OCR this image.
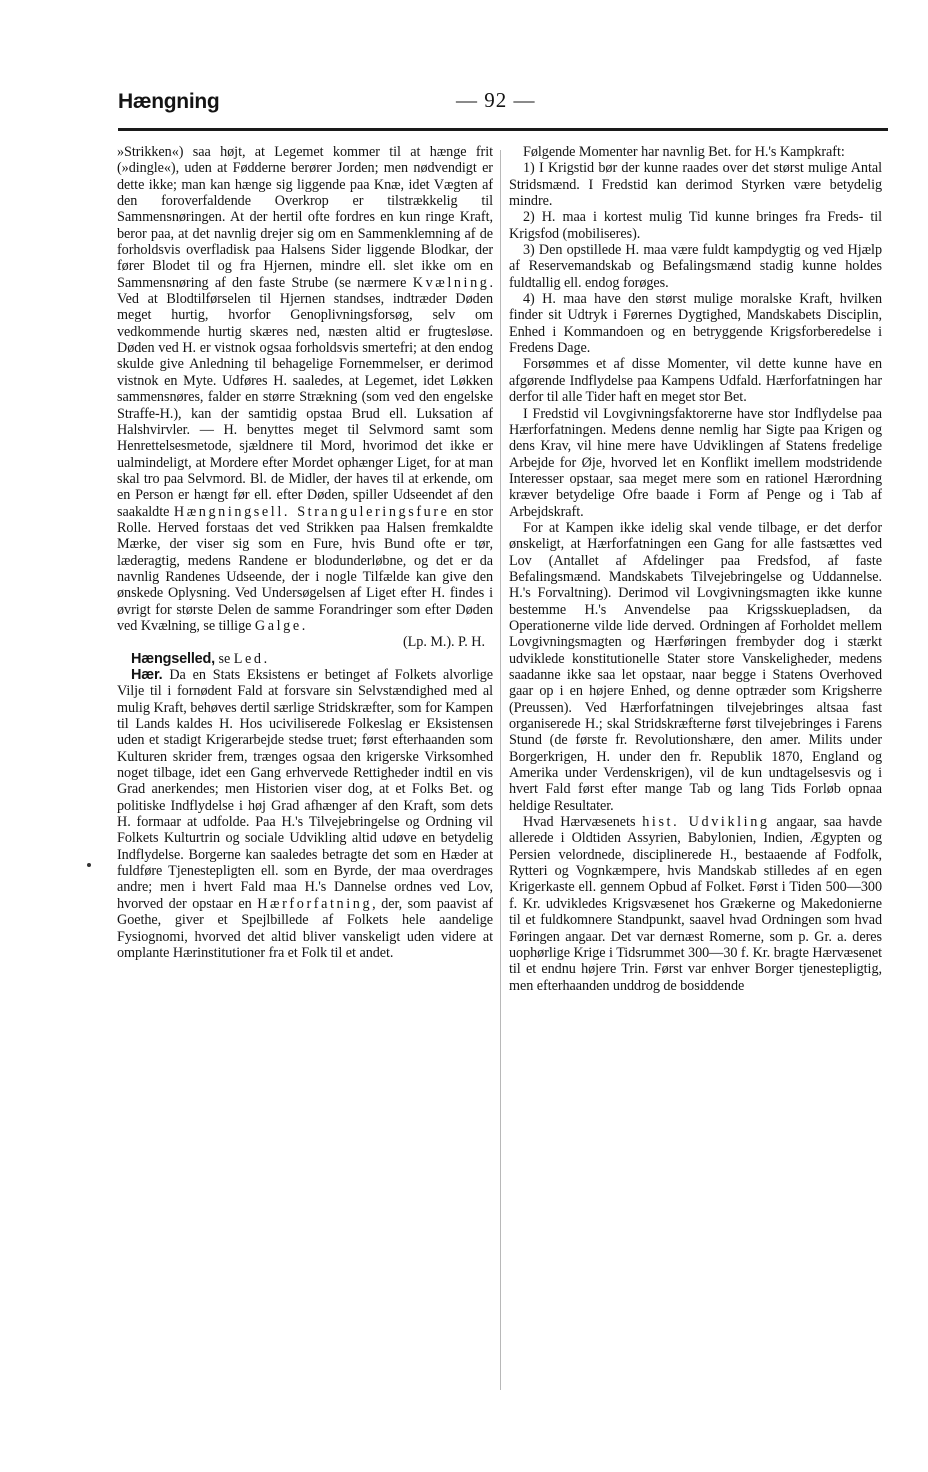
Hængning	— 92 —

»Strikken«) saa højt, at Legemet kommer til at hænge frit (»dingle«), uden at Fødderne berører Jorden; men nødvendigt er dette ikke; man kan hænge sig liggende paa Knæ, idet Vægten af den foroverfaldende Overkrop er tilstrækkelig til Sammensnøringen. At der hertil ofte fordres en kun ringe Kraft, beror paa, at det navnlig drejer sig om en Sammenklemning af de forholdsvis overfladisk paa Halsens Sider liggende Blodkar, der fører Blodet til og fra Hjernen, mindre ell. slet ikke om en Sammensnøring af den faste Strube (se nærmere Kvælning. Ved at Blodtilførselen til Hjernen standses, indtræder Døden meget hurtig, hvorfor Genoplivningsforsøg, selv om vedkommende hurtig skæres ned, næsten altid er frugtesløse. Døden ved H. er vistnok ogsaa forholdsvis smertefri; at den endog skulde give Anledning til behagelige Fornemmelser, er derimod vistnok en Myte. Udføres H. saaledes, at Legemet, idet Løkken sammensnøres, falder en større Strækning (som ved den engelske Straffe-H.), kan der samtidig opstaa Brud ell. Luksation af Halshvirvler. — H. benyttes meget til Selvmord samt som Henrettelsesmetode, sjældnere til Mord, hvorimod det ikke er ualmindeligt, at Mordere efter Mordet ophænger Liget, for at man skal tro paa Selvmord. Bl. de Midler, der haves til at erkende, om en Person er hængt før ell. efter Døden, spiller Udseendet af den saakaldte Hængningsell. Stranguleringsfure en stor Rolle. Herved forstaas det ved Strikken paa Halsen fremkaldte Mærke, der viser sig som en Fure, hvis Bund ofte er tør, læderagtig, medens Randene er blodunderløbne, og det er da navnlig Randenes Udseende, der i nogle Tilfælde kan give den ønskede Oplysning. Ved Undersøgelsen af Liget efter H. findes i øvrigt for største Delen de samme Forandringer som efter Døden ved Kvælning, se tillige Galge.

(Lp. M.). P. H.

Hængselled, se Led.

Hær. Da en Stats Eksistens er betinget af Folkets alvorlige Vilje til i fornødent Fald at forsvare sin Selvstændighed med al mulig Kraft, behøves dertil særlige Stridskræfter, som for Kampen til Lands kaldes H. Hos uciviliserede Folkeslag er Eksistensen uden et stadigt Krigerarbejde stedse truet; først efterhaanden som Kulturen skrider frem, trænges ogsaa den krigerske Virksomhed noget tilbage, idet een Gang erhvervede Rettigheder indtil en vis Grad anerkendes; men Historien viser dog, at et Folks Bet. og politiske Indflydelse i høj Grad afhænger af den Kraft, som dets H. formaar at udfolde. Paa H.'s Tilvejebringelse og Ordning vil Folkets Kulturtrin og sociale Udvikling altid udøve en betydelig Indflydelse. Borgerne kan saaledes betragte det som en Hæder at fuldføre Tjenestepligten ell. som en Byrde, der maa overdrages andre; men i hvert Fald maa H.'s Dannelse ordnes ved Lov, hvorved der opstaar en Hærforfatning, der, som paavist af Goethe, giver et Spejlbillede af Folkets hele aandelige Fysiognomi, hvorved det altid bliver vanskeligt uden videre at omplante Hærinstitutioner fra et Folk til et andet.

Følgende Momenter har navnlig Bet. for H.'s Kampkraft:

1) I Krigstid bør der kunne raades over det størst mulige Antal Stridsmænd. I Fredstid kan derimod Styrken være betydelig mindre.

2) H. maa i kortest mulig Tid kunne bringes fra Freds- til Krigsfod (mobiliseres).

3) Den opstillede H. maa være fuldt kampdygtig og ved Hjælp af Reservemandskab og Befalingsmænd stadig kunne holdes fuldtallig ell. endog forøges.

4) H. maa have den størst mulige moralske Kraft, hvilken finder sit Udtryk i Førernes Dygtighed, Mandskabets Disciplin, Enhed i Kommandoen og en betryggende Krigsforberedelse i Fredens Dage.

Forsømmes et af disse Momenter, vil dette kunne have en afgørende Indflydelse paa Kampens Udfald. Hærforfatningen har derfor til alle Tider haft en meget stor Bet.

I Fredstid vil Lovgivningsfaktorerne have stor Indflydelse paa Hærforfatningen. Medens denne nemlig har Sigte paa Krigen og dens Krav, vil hine mere have Udviklingen af Statens fredelige Arbejde for Øje, hvorved let en Konflikt imellem modstridende Interesser opstaar, saa meget mere som en rationel Hærordning kræver betydelige Ofre baade i Form af Penge og i Tab af Arbejdskraft.

For at Kampen ikke idelig skal vende tilbage, er det derfor ønskeligt, at Hærforfatningen een Gang for alle fastsættes ved Lov (Antallet af Afdelinger paa Fredsfod, af faste Befalingsmænd. Mandskabets Tilvejebringelse og Uddannelse. H.'s Forvaltning). Derimod vil Lovgivningsmagten ikke kunne bestemme H.'s Anvendelse paa Krigsskuepladsen, da Operationerne vilde lide derved. Ordningen af Forholdet mellem Lovgivningsmagten og Hærføringen frembyder dog i stærkt udviklede konstitutionelle Stater store Vanskeligheder, medens saadanne ikke saa let opstaar, naar begge i Statens Overhoved gaar op i en højere Enhed, og denne optræder som Krigsherre (Preussen). Ved Hærforfatningen tilvejebringes altsaa fast organiserede H.; skal Stridskræfterne først tilvejebringes i Farens Stund (de første fr. Revolutionshære, den amer. Milits under Borgerkrigen, H. under den fr. Republik 1870, England og Amerika under Verdenskrigen), vil de kun undtagelsesvis og i hvert Fald først efter mange Tab og lang Tids Forløb opnaa heldige Resultater.

Hvad Hærvæsenets hist. Udvikling angaar, saa havde allerede i Oldtiden Assyrien, Babylonien, Indien, Ægypten og Persien velordnede, disciplinerede H., bestaaende af Fodfolk, Rytteri og Vognkæmpere, hvis Mandskab stilledes af en egen Krigerkaste ell. gennem Opbud af Folket. Først i Tiden 500—300 f. Kr. udvikledes Krigsvæsenet hos Grækerne og Makedonierne til et fuldkomnere Standpunkt, saavel hvad Ordningen som hvad Føringen angaar. Det var dernæst Romerne, som p. Gr. a. deres uophørlige Krige i Tidsrummet 300—30 f. Kr. bragte Hærvæsenet til et endnu højere Trin. Først var enhver Borger tjenestepligtig, men efterhaanden unddrog de bosiddende
